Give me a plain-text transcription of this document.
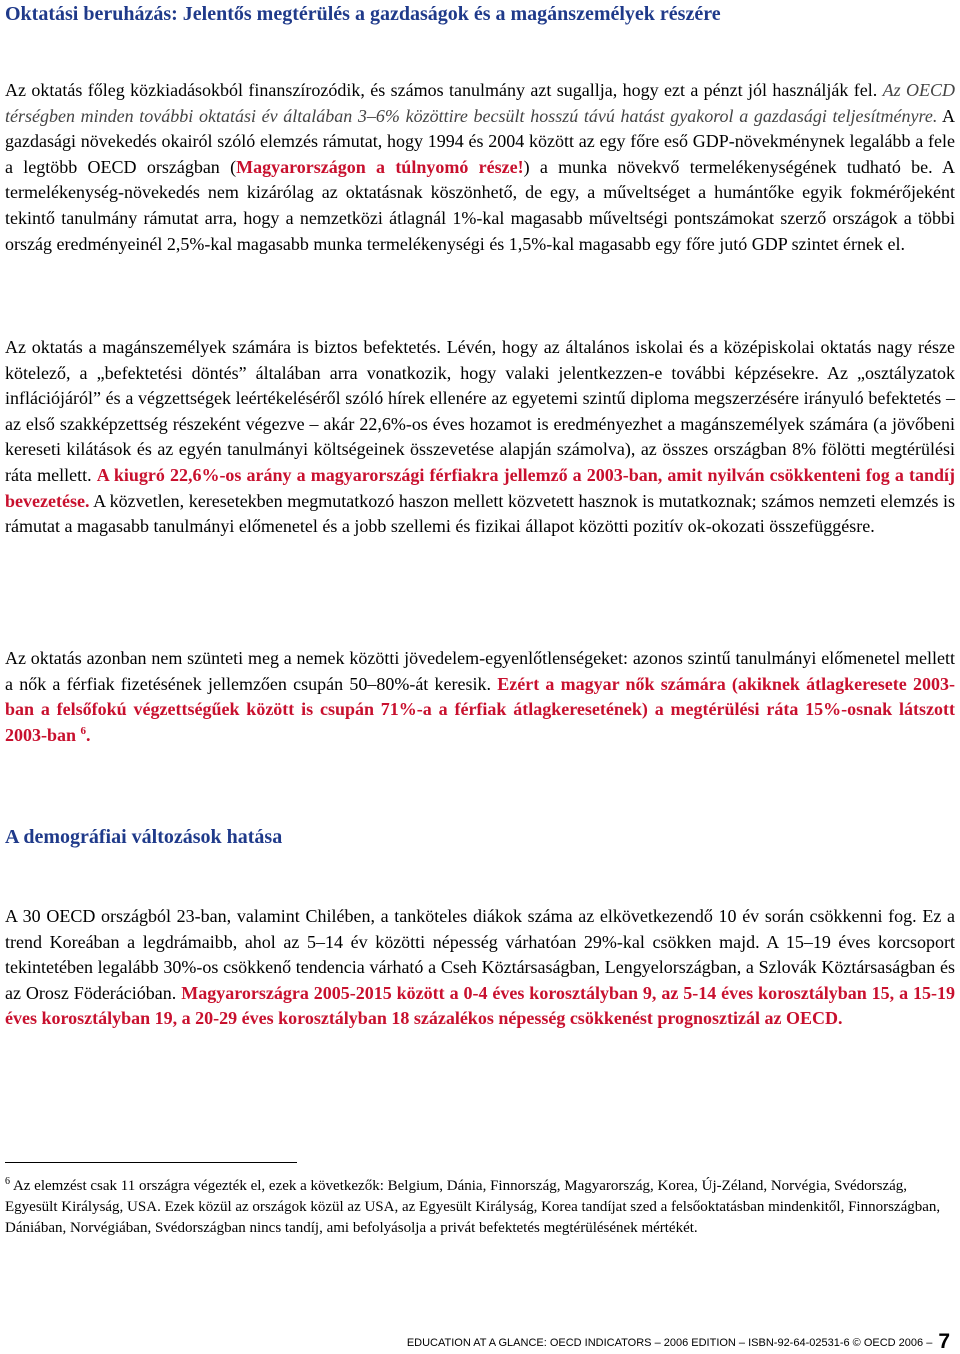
Oktatási beruházás: Jelentős megtérülés a gazdaságok és a magánszemélyek részére

Az oktatás főleg közkiadásokból finanszírozódik, és számos tanulmány azt sugallja, hogy ezt a pénzt jól használják fel. Az OECD térségben minden további oktatási év általában 3–6% közöttire becsült hosszú távú hatást gyakorol a gazdasági teljesítményre. A gazdasági növekedés okairól szóló elemzés rámutat, hogy 1994 és 2004 között az egy főre eső GDP-növekménynek legalább a fele a legtöbb OECD országban (Magyarországon a túlnyomó része!) a munka növekvő termelékenységének tudható be. A termelékenység-növekedés nem kizárólag az oktatásnak köszönhető, de egy, a műveltséget a humántőke egyik fokmérőjeként tekintő tanulmány rámutat arra, hogy a nemzetközi átlagnál 1%-kal magasabb műveltségi pontszámokat szerző országok a többi ország eredményeinél 2,5%-kal magasabb munka termelékenységi és 1,5%-kal magasabb egy főre jutó GDP szintet érnek el.

Az oktatás a magánszemélyek számára is biztos befektetés. Lévén, hogy az általános iskolai és a középiskolai oktatás nagy része kötelező, a „befektetési döntés” általában arra vonatkozik, hogy valaki jelentkezzen-e további képzésekre. Az „osztályzatok inflációjáról” és a végzettségek leértékeléséről szóló hírek ellenére az egyetemi szintű diploma megszerzésére irányuló befektetés – az első szakképzettség részeként végezve – akár 22,6%-os éves hozamot is eredményezhet a magánszemélyek számára (a jövőbeni kereseti kilátások és az egyén tanulmányi költségeinek összevetése alapján számolva), az összes országban 8% fölötti megtérülési ráta mellett. A kiugró 22,6%-os arány a magyarországi férfiakra jellemző a 2003-ban, amit nyilván csökkenteni fog a tandíj bevezetése. A közvetlen, keresetekben megmutatkozó haszon mellett közvetett hasznok is mutatkoznak; számos nemzeti elemzés is rámutat a magasabb tanulmányi előmenetel és a jobb szellemi és fizikai állapot közötti pozitív ok-okozati összefüggésre.

Az oktatás azonban nem szünteti meg a nemek közötti jövedelem-egyenlőtlenségeket: azonos szintű tanulmányi előmenetel mellett a nők a férfiak fizetésének jellemzően csupán 50–80%-át keresik. Ezért a magyar nők számára (akiknek átlagkeresete 2003-ban a felsőfokú végzettségűek között is csupán 71%-a a férfiak átlagkeresetének) a megtérülési ráta 15%-osnak látszott 2003-ban $^6$.

A demográfiai változások hatása

A 30 OECD országból 23-ban, valamint Chilében, a tanköteles diákok száma az elkövetkezendő 10 év során csökkenni fog. Ez a trend Koreában a legdrámaibb, ahol az 5–14 év közötti népesség várhatóan 29%-kal csökken majd. A 15–19 éves korcsoport tekintetében legalább 30%-os csökkenő tendencia várható a Cseh Köztársaságban, Lengyelországban, a Szlovák Köztársaságban és az Orosz Föderációban. Magyarországra 2005-2015 között a 0-4 éves korosztályban 9, az 5-14 éves korosztályban 15, a 15-19 éves korosztályban 19, a 20-29 éves korosztályban 18 százalékos népesség csökkenést prognosztizál az OECD.

$^6$ Az elemzést csak 11 országra végezték el, ezek a következők: Belgium, Dánia, Finnország, Magyarország, Korea, Új-Zéland, Norvégia, Svédország, Egyesült Királyság, USA. Ezek közül az országok közül az USA, az Egyesült Királyság, Korea tandíjat szed a felsőoktatásban mindenkitől, Finnországban, Dániában, Norvégiában, Svédországban nincs tandíj, ami befolyásolja a privát befektetés megtérülésének mértékét.

EDUCATION AT A GLANCE: OECD INDICATORS – 2006 EDITION – ISBN-92-64-02531-6 © OECD 2006 – 7
